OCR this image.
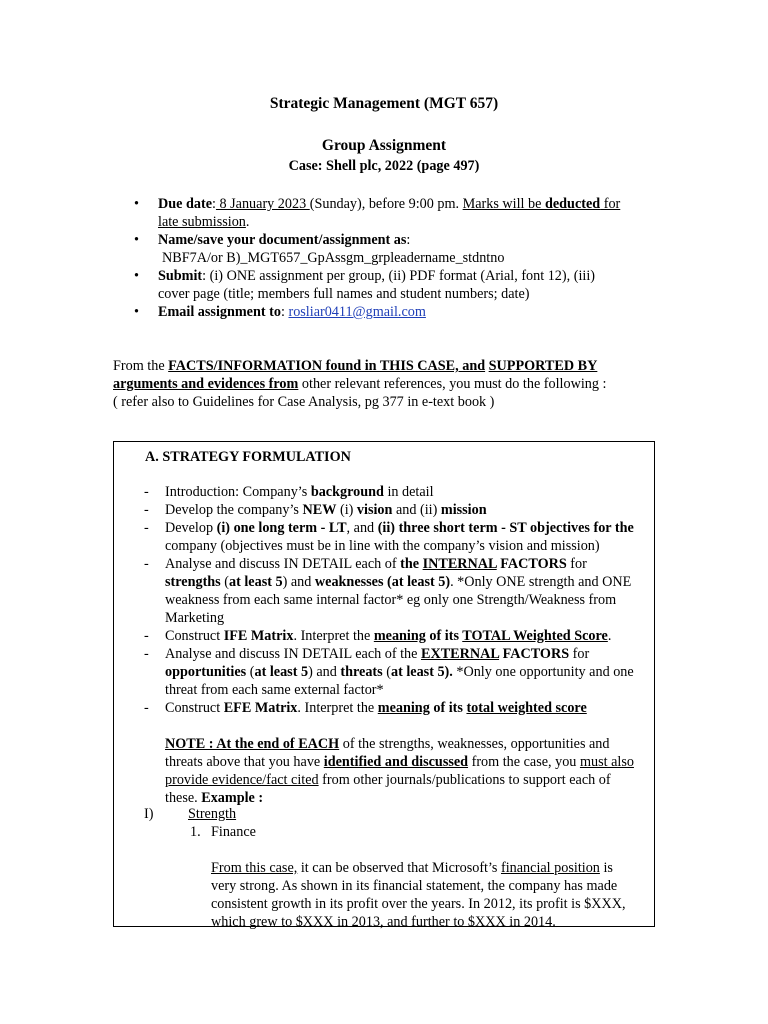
Strategic Management (MGT 657)
Group Assignment
Case: Shell plc, 2022 (page 497)
• Due date: 8 January 2023 (Sunday), before 9:00 pm. Marks will be deducted for
late submission.
• Name/save your document/assignment as:
NBF7A/or B)_MGT657_GpAssgm_grpleadername_stdntno
• Submit: (i) ONE assignment per group, (ii) PDF format (Arial, font 12), (iii)
cover page (title; members full names and student numbers; date)
• Email assignment to: rosliar0411@gmail.com
From the FACTS/INFORMATION found in THIS CASE, and SUPPORTED BY
arguments and evidences from other relevant references, you must do the following :
( refer also to Guidelines for Case Analysis, pg 377 in e-text book )
A. STRATEGY FORMULATION
- Introduction: Company’s background in detail
- Develop the company’s NEW (i) vision and (ii) mission
- Develop (i) one long term - LT, and (ii) three short term - ST objectives for the
company (objectives must be in line with the company’s vision and mission)
- Analyse and discuss IN DETAIL each of the INTERNAL FACTORS for
strengths (at least 5) and weaknesses (at least 5). *Only ONE strength and ONE
weakness from each same internal factor* eg only one Strength/Weakness from
Marketing
- Construct IFE Matrix. Interpret the meaning of its TOTAL Weighted Score.
- Analyse and discuss IN DETAIL each of the EXTERNAL FACTORS for
opportunities (at least 5) and threats (at least 5). *Only one opportunity and one
threat from each same external factor*
- Construct EFE Matrix. Interpret the meaning of its total weighted score
NOTE : At the end of EACH of the strengths, weaknesses, opportunities and
threats above that you have identified and discussed from the case, you must also
provide evidence/fact cited from other journals/publications to support each of
these. Example :
I) Strength
1. Finance
From this case, it can be observed that Microsoft’s financial position is
very strong. As shown in its financial statement, the company has made
consistent growth in its profit over the years. In 2012, its profit is $XXX,
which grew to $XXX in 2013, and further to $XXX in 2014.
